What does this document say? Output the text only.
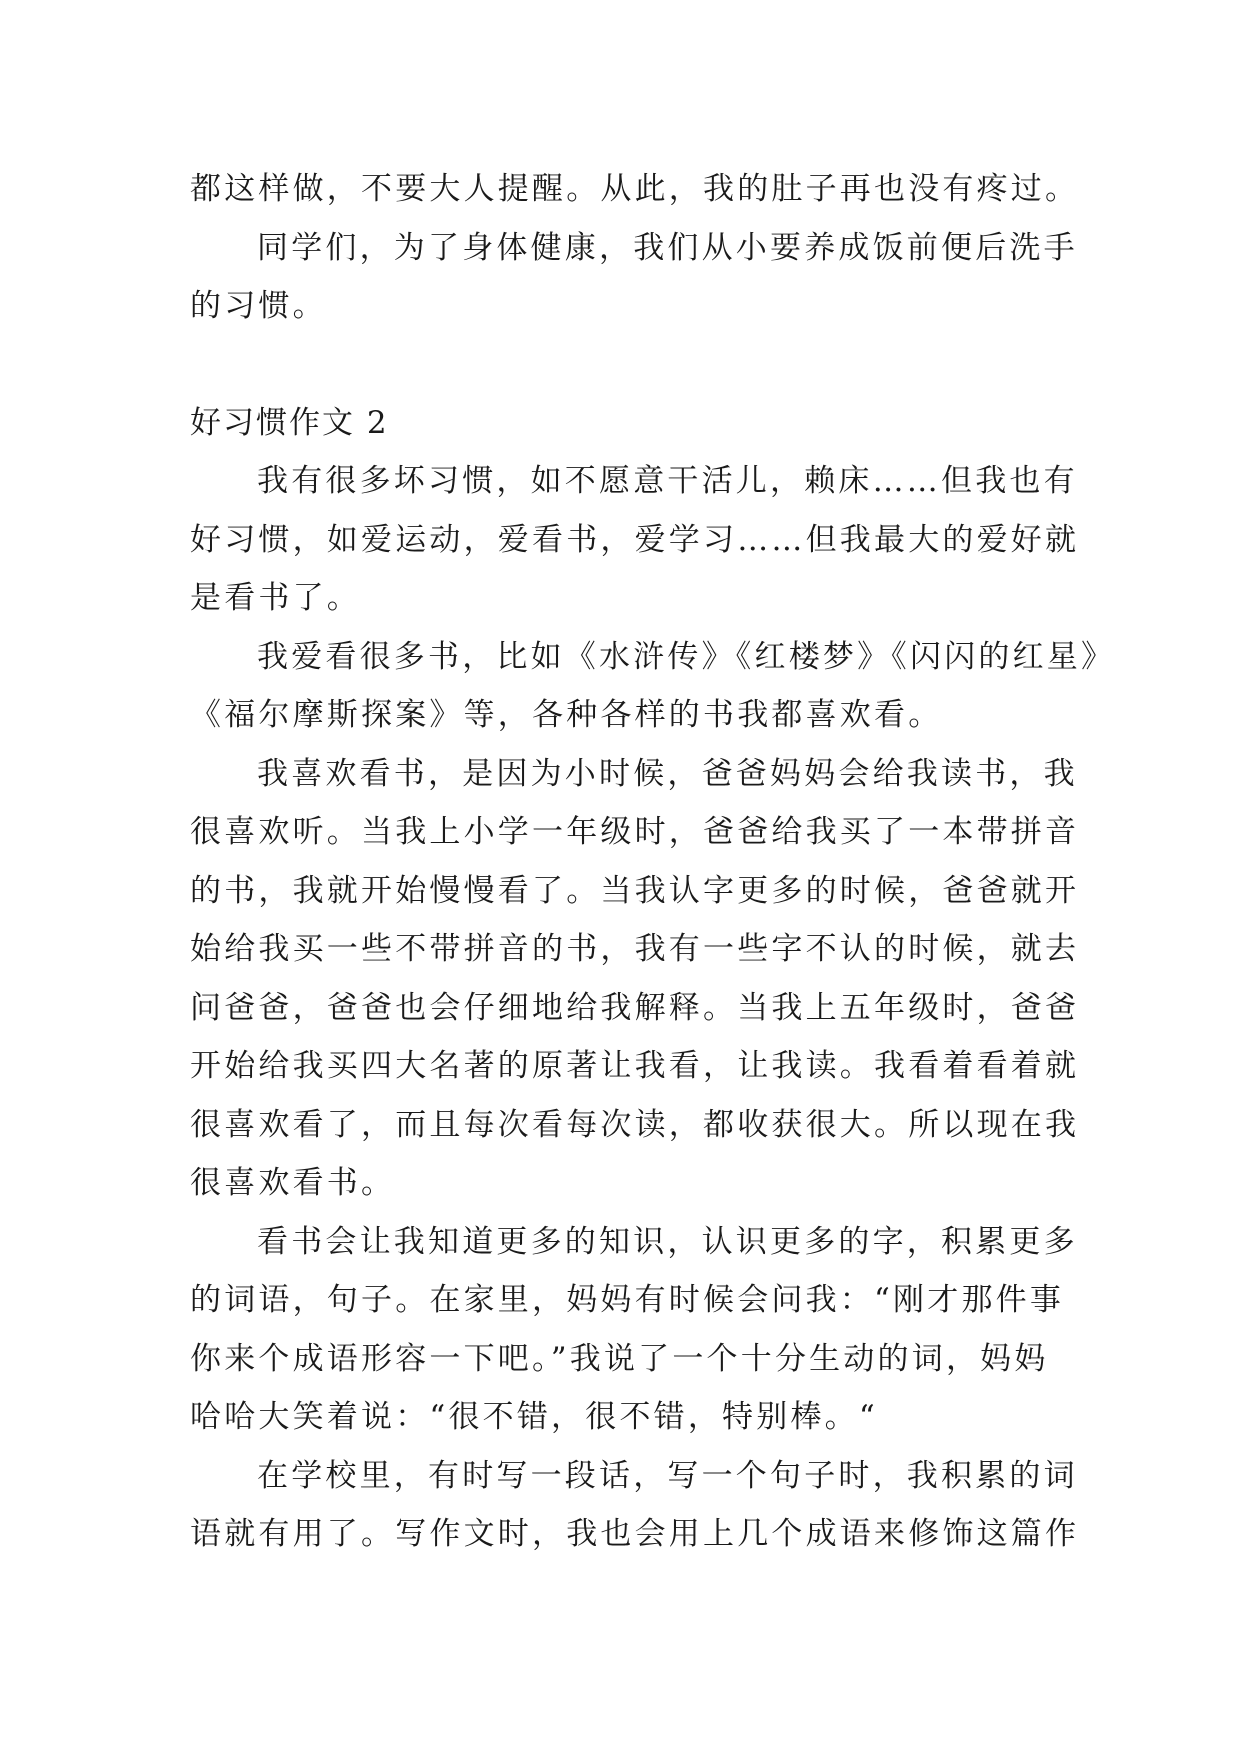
都这样做，不要大人提醒。从此，我的肚子再也没有疼过。
同学们，为了身体健康，我们从小要养成饭前便后洗手
的习惯。
好习惯作文 2
我有很多坏习惯，如不愿意干活儿，赖床……但我也有
好习惯，如爱运动，爱看书，爱学习……但我最大的爱好就
是看书了。
我爱看很多书，比如《水浒传》《红楼梦》《闪闪的红星》
《福尔摩斯探案》等，各种各样的书我都喜欢看。
我喜欢看书，是因为小时候，爸爸妈妈会给我读书，我
很喜欢听。当我上小学一年级时，爸爸给我买了一本带拼音
的书，我就开始慢慢看了。当我认字更多的时候，爸爸就开
始给我买一些不带拼音的书，我有一些字不认的时候，就去
问爸爸，爸爸也会仔细地给我解释。当我上五年级时，爸爸
开始给我买四大名著的原著让我看，让我读。我看着看着就
很喜欢看了，而且每次看每次读，都收获很大。所以现在我
很喜欢看书。
看书会让我知道更多的知识，认识更多的字，积累更多
的词语，句子。在家里，妈妈有时候会问我：“刚才那件事
你来个成语形容一下吧。”我说了一个十分生动的词，妈妈
哈哈大笑着说：“很不错，很不错，特别棒。“
在学校里，有时写一段话，写一个句子时，我积累的词
语就有用了。写作文时，我也会用上几个成语来修饰这篇作
